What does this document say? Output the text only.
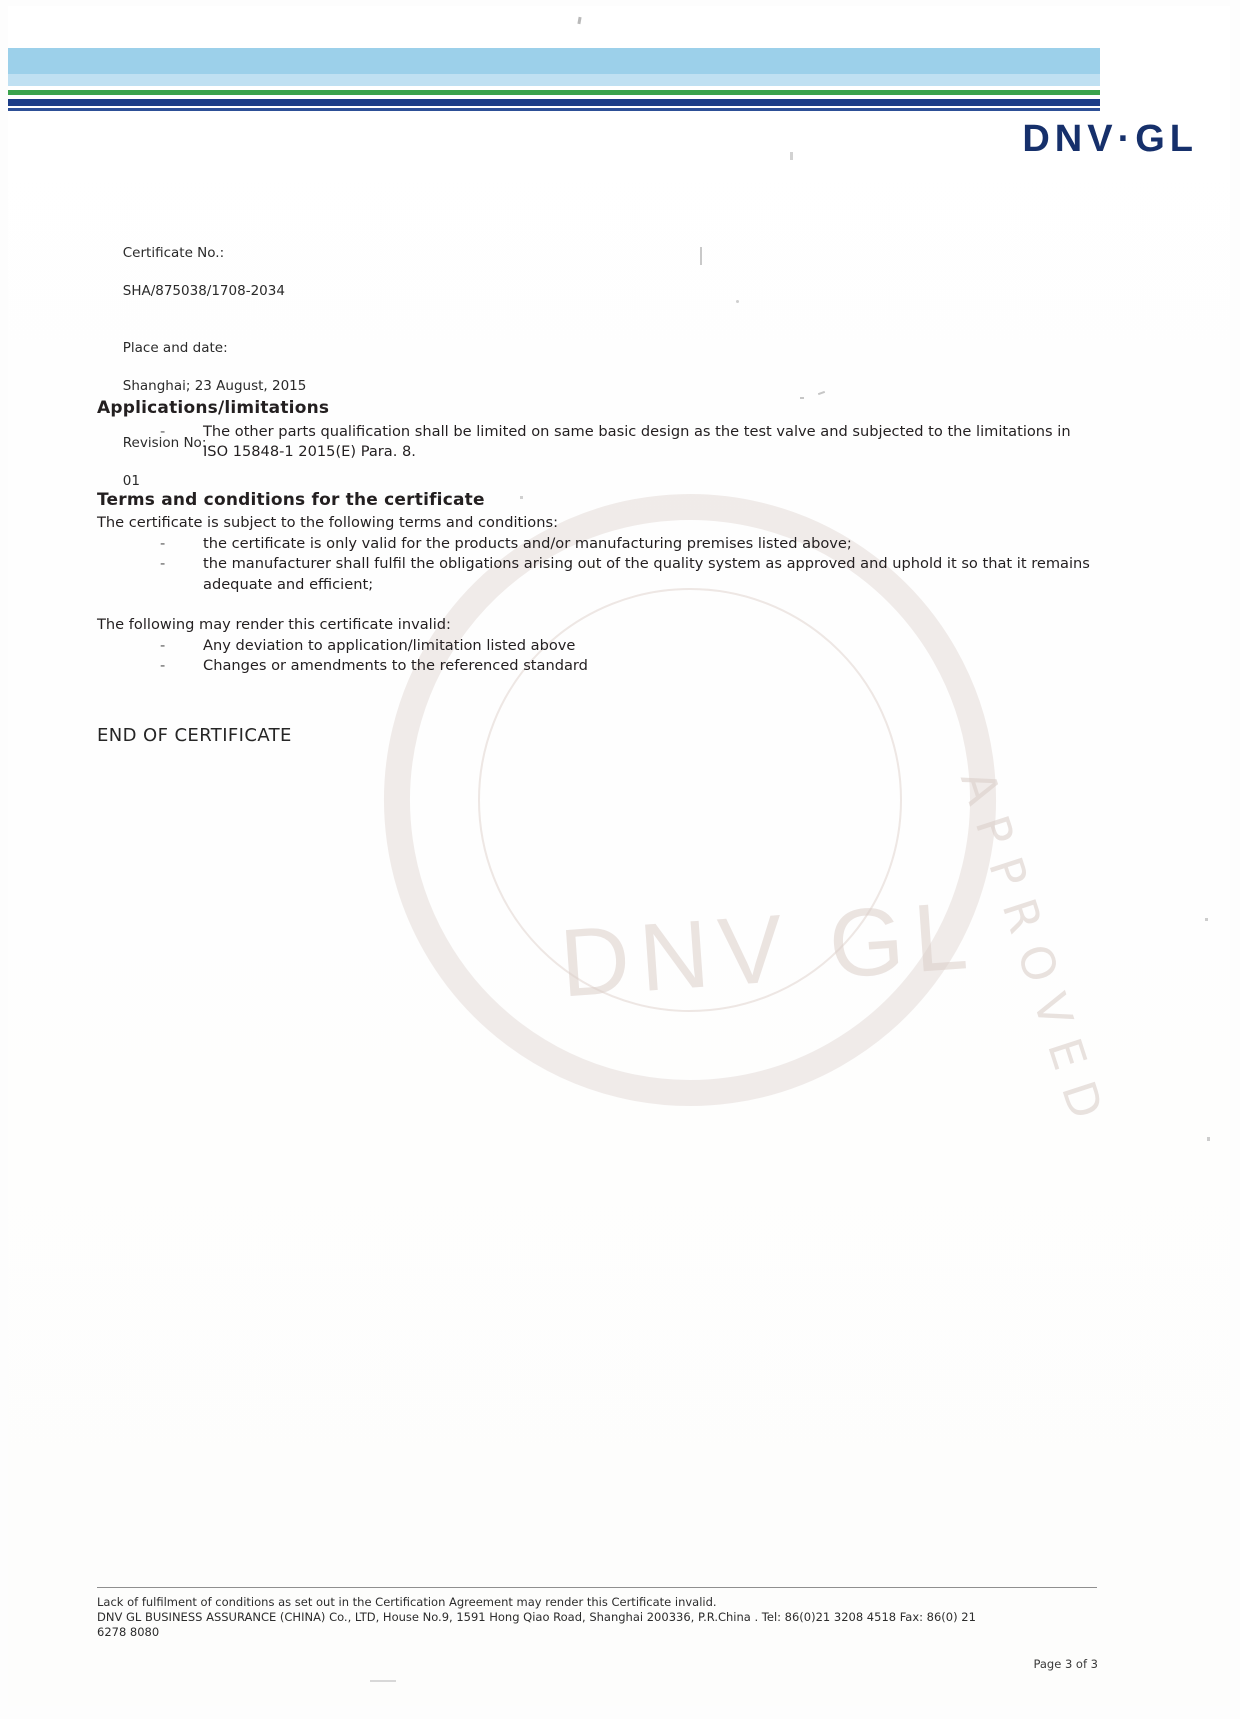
DNV·GL
DNV GL
APPROVED

Certificate No.:

SHA/875038/1708-2034

Place and date:

Shanghai; 23 August, 2015

Revision No:

01

Applications/limitations
- The other parts qualification shall be limited on same basic design as the test valve and subjected to the limitations in ISO 15848-1 2015(E) Para. 8.
Terms and conditions for the certificate

The certificate is subject to the following terms and conditions:

- the certificate is only valid for the products and/or manufacturing premises listed above;
- the manufacturer shall fulfil the obligations arising out of the quality system as approved and uphold it so that it remains adequate and efficient;

The following may render this certificate invalid:

- Any deviation to application/limitation listed above
- Changes or amendments to the referenced standard
END OF CERTIFICATE
Lack of fulfilment of conditions as set out in the Certification Agreement may render this Certificate invalid.
DNV GL BUSINESS ASSURANCE (CHINA) Co., LTD, House No.9, 1591 Hong Qiao Road, Shanghai 200336, P.R.China . Tel: 86(0)21 3208 4518 Fax: 86(0) 21
6278 8080
Page 3 of 3
